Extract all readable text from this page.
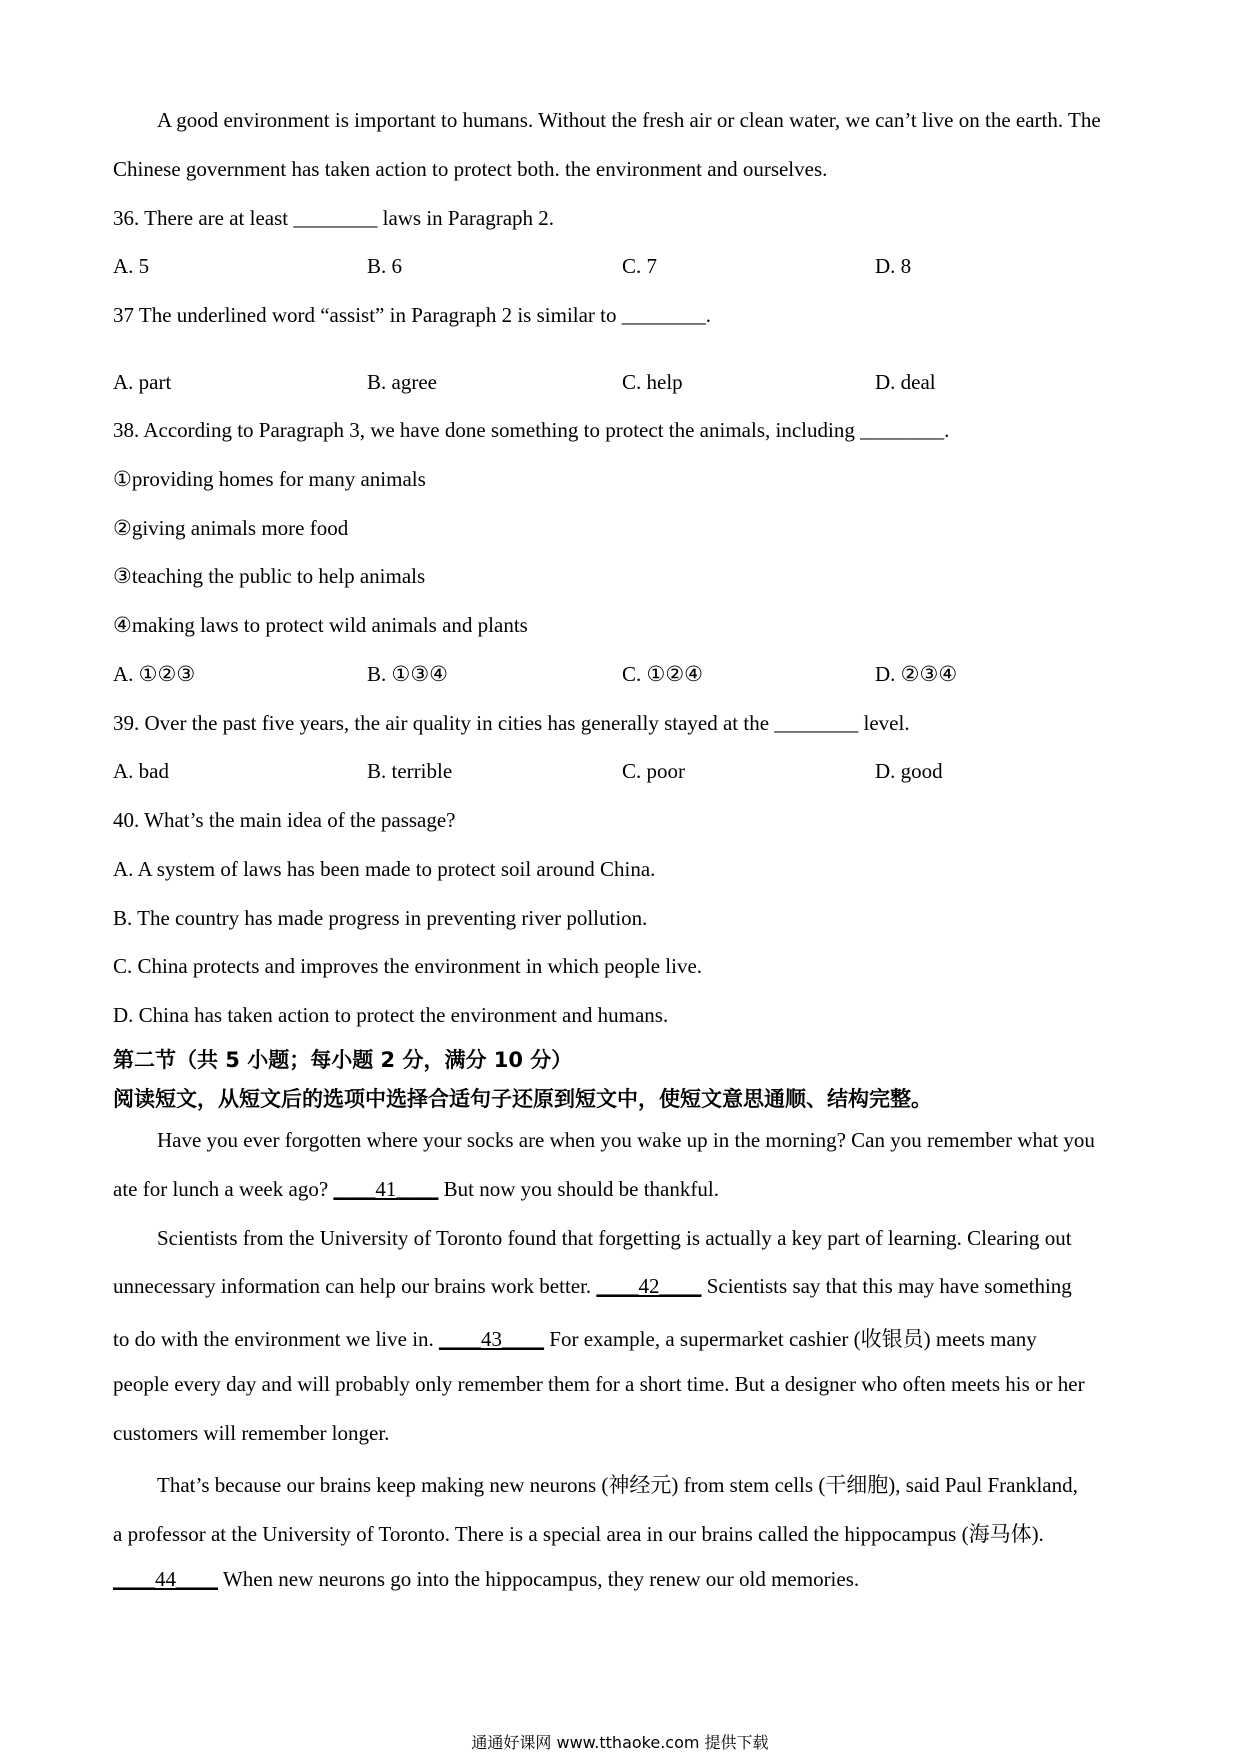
A good environment is important to humans. Without the fresh air or clean water, we can’t live on the earth. The
Chinese government has taken action to protect both. the environment and ourselves.
36. There are at least ________ laws in Paragraph 2.
A. 5	B. 6	C. 7	D. 8
37 The underlined word “assist” in Paragraph 2 is similar to ________.
A. part	B. agree	C. help	D. deal
38. According to Paragraph 3, we have done something to protect the animals, including ________.
①providing homes for many animals
②giving animals more food
③teaching the public to help animals
④making laws to protect wild animals and plants
A. ①②③	B. ①③④	C. ①②④	D. ②③④
39. Over the past five years, the air quality in cities has generally stayed at the ________ level.
A. bad	B. terrible	C. poor	D. good
40. What’s the main idea of the passage?
A. A system of laws has been made to protect soil around China.
B. The country has made progress in preventing river pollution.
C. China protects and improves the environment in which people live.
D. China has taken action to protect the environment and humans.
第二节（共 5 小题；每小题 2 分，满分 10 分）
阅读短文，从短文后的选项中选择合适句子还原到短文中，使短文意思通顺、结构完整。
Have you ever forgotten where your socks are when you wake up in the morning? Can you remember what you
ate for lunch a week ago? ____41____ But now you should be thankful.
Scientists from the University of Toronto found that forgetting is actually a key part of learning. Clearing out
unnecessary information can help our brains work better. ____42____ Scientists say that this may have something
to do with the environment we live in. ____43____ For example, a supermarket cashier (收银员) meets many
people every day and will probably only remember them for a short time. But a designer who often meets his or her
customers will remember longer.
That’s because our brains keep making new neurons (神经元) from stem cells (干细胞), said Paul Frankland,
a professor at the University of Toronto. There is a special area in our brains called the hippocampus (海马体).
____44____ When new neurons go into the hippocampus, they renew our old memories.
通通好课网 www.tthaoke.com 提供下载
